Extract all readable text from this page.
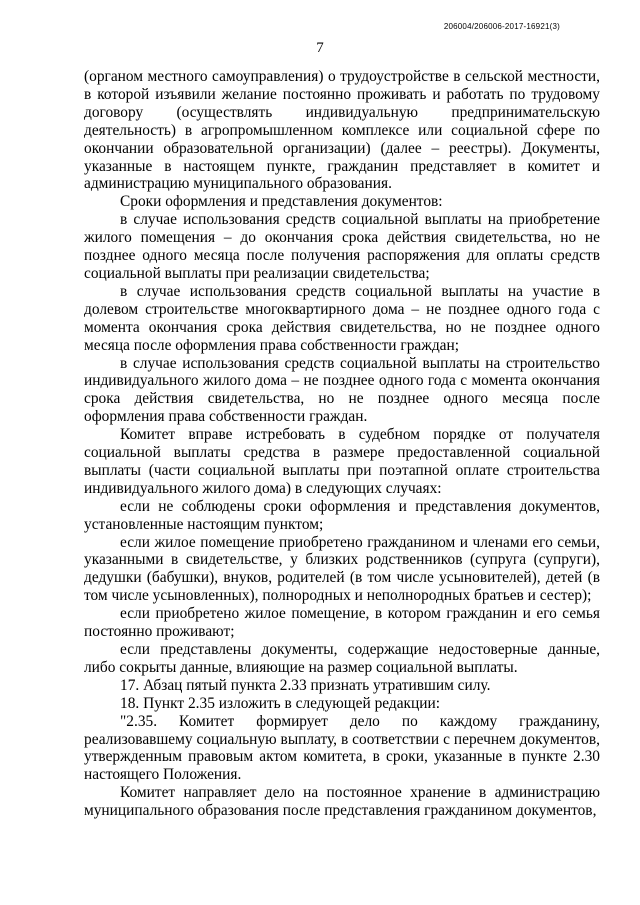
206004/206006-2017-16921(3)
7

(органом местного самоуправления) о трудоустройстве в сельской местности, в которой изъявили желание постоянно проживать и работать по трудовому договору (осуществлять индивидуальную предпринимательскую деятельность) в агропромышленном комплексе или социальной сфере по окончании образовательной организации) (далее – реестры). Документы, указанные в настоящем пункте, гражданин представляет в комитет и администрацию муниципального образования.

Сроки оформления и представления документов:

в случае использования средств социальной выплаты на приобретение жилого помещения – до окончания срока действия свидетельства, но не позднее одного месяца после получения распоряжения для оплаты средств социальной выплаты при реализации свидетельства;

в случае использования средств социальной выплаты на участие в долевом строительстве многоквартирного дома – не позднее одного года с момента окончания срока действия свидетельства, но не позднее одного месяца после оформления права собственности граждан;

в случае использования средств социальной выплаты на строительство индивидуального жилого дома – не позднее одного года с момента окончания срока действия свидетельства, но не позднее одного месяца после оформления права собственности граждан.

Комитет вправе истребовать в судебном порядке от получателя социальной выплаты средства в размере предоставленной социальной выплаты (части социальной выплаты при поэтапной оплате строительства индивидуального жилого дома) в следующих случаях:

если не соблюдены сроки оформления и представления документов, установленные настоящим пунктом;

если жилое помещение приобретено гражданином и членами его семьи, указанными в свидетельстве, у близких родственников (супруга (супруги), дедушки (бабушки), внуков, родителей (в том числе усыновителей), детей (в том числе усыновленных), полнородных и неполнородных братьев и сестер);

если приобретено жилое помещение, в котором гражданин и его семья постоянно проживают;

если представлены документы, содержащие недостоверные данные, либо сокрыты данные, влияющие на размер социальной выплаты.

17. Абзац пятый пункта 2.33 признать утратившим силу.

18. Пункт 2.35 изложить в следующей редакции:

"2.35. Комитет формирует дело по каждому гражданину, реализовавшему социальную выплату, в соответствии с перечнем документов, утвержденным правовым актом комитета, в сроки, указанные в пункте 2.30 настоящего Положения.

Комитет направляет дело на постоянное хранение в администрацию муниципального образования после представления гражданином документов,
